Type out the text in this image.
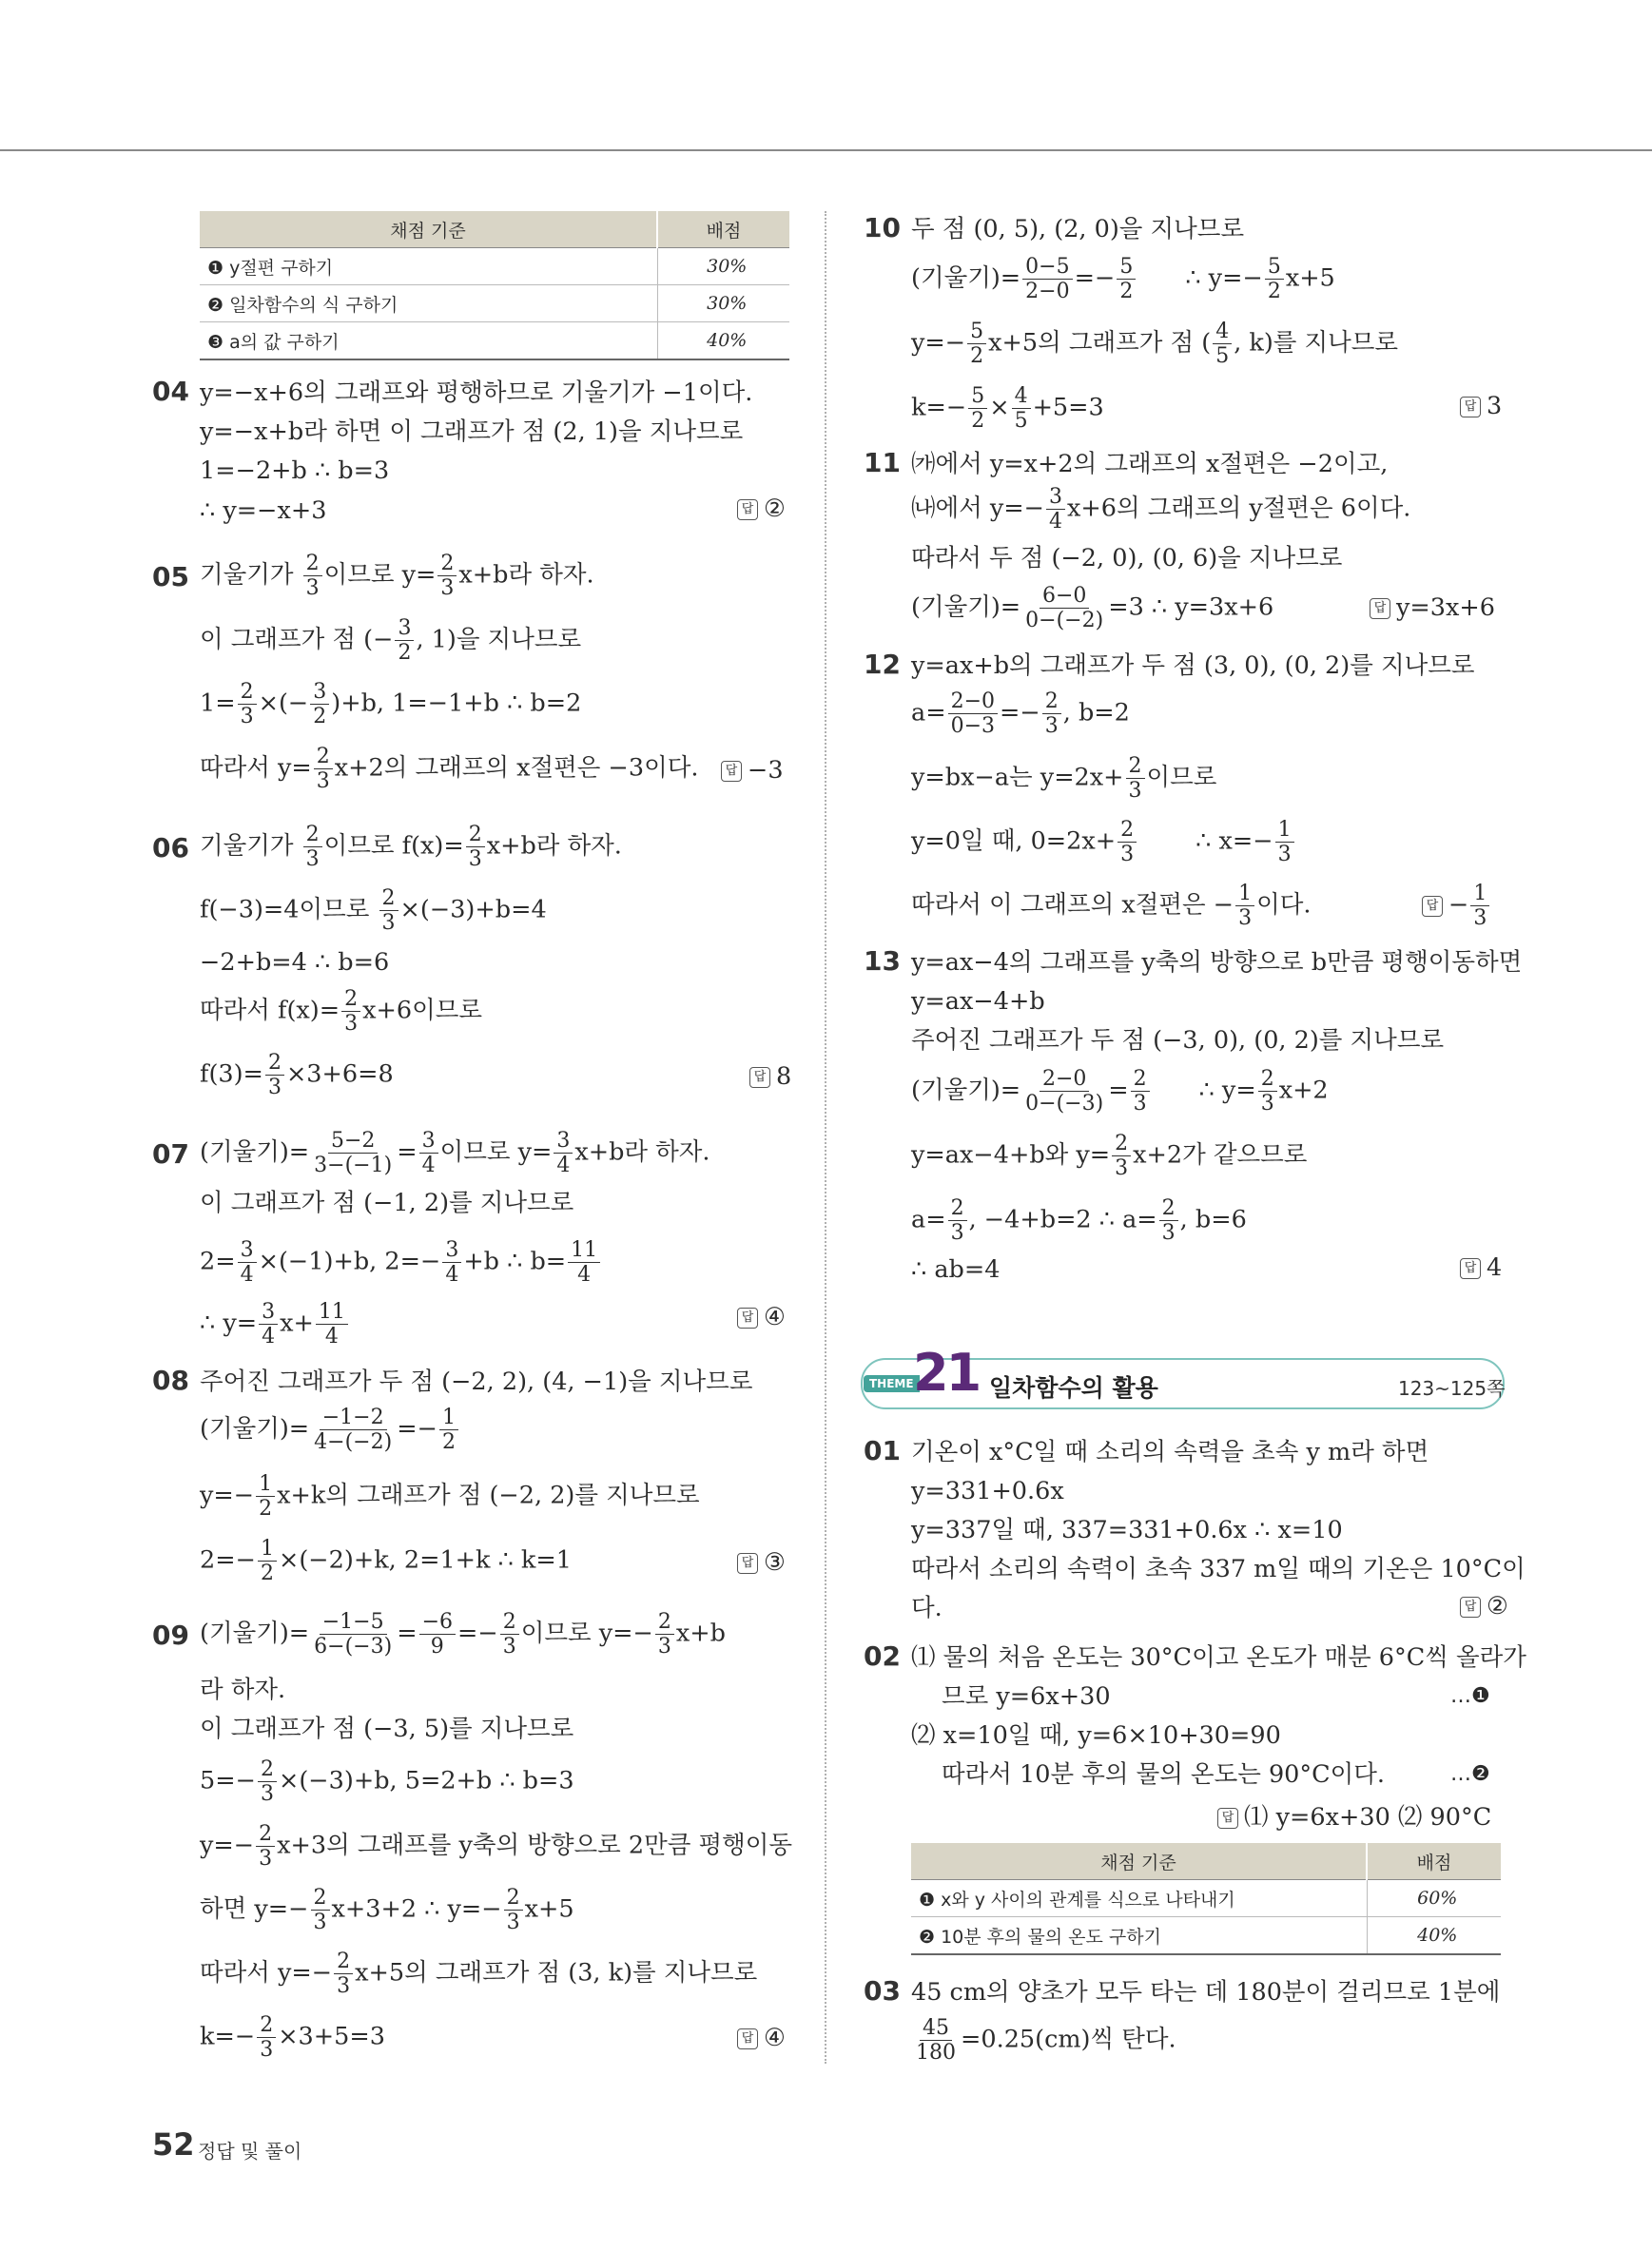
채점 기준	배점
❶ y절편 구하기	30%
❷ 일차함수의 식 구하기	30%
❸ a의 값 구하기	40%
04 y=−x+6의 그래프와 평행하므로 기울기가 −1이다.
y=−x+b라 하면 이 그래프가 점 (2, 1)을 지나므로
1=−2+b ∴ b=3
∴ y=−x+3	답 ②
05 기울기가 $\frac{2}{3}$ 이므로 $y= \frac{2}{3} x+b$라 하자.
이 그래프가 점 (− $\frac{3}{2}$ , 1)을 지나므로
$1= \frac{2}{3}$ ×(− $\frac{3}{2} )+b$, 1=−1+b ∴ b=2
따라서 $y= \frac{2}{3} x+2$의 그래프의 x절편은 −3이다.	답 −3
06 기울기가 $\frac{2}{3}$ 이므로 $f(x)= \frac{2}{3} x+b$라 하자.
f(−3)=4이므로 $\frac{2}{3} \times(-3)+b=4$
−2+b=4 ∴ b=6
따라서 $f(x)= \frac{2}{3} x+6$이므로
$f(3)= \frac{2}{3} \times 3+6=8$	답 8
07 (기울기)= $\frac{5-2}{3-(-1)} = \frac{3}{4}$ 이므로 $y= \frac{3}{4} x+b$라 하자.
이 그래프가 점 (−1, 2)를 지나므로
$2= \frac{3}{4} \times(-1)+b$, $2=- \frac{3}{4} +b$ ∴ $b= \frac{11}{4}$
∴ $y= \frac{3}{4} x+ \frac{11}{4}$	답 ④
08 주어진 그래프가 두 점 (−2, 2), (4, −1)을 지나므로
(기울기)= $\frac{-1-2}{4-(-2)} =- \frac{1}{2}$
$y=- \frac{1}{2} x+k$의 그래프가 점 (−2, 2)를 지나므로
$2=- \frac{1}{2} \times(-2)+k$, 2=1+k ∴ k=1	답 ③
09 (기울기)= $\frac{-1-5}{6-(-3)} = \frac{-6}{9} =- \frac{2}{3}$ 이므로 $y=- \frac{2}{3} x+b$
라 하자.
이 그래프가 점 (−3, 5)를 지나므로
$5=- \frac{2}{3} \times(-3)+b$, 5=2+b ∴ b=3
$y=- \frac{2}{3} x+3$의 그래프를 y축의 방향으로 2만큼 평행이동
하면 $y=- \frac{2}{3} x+3+2$ ∴ $y=- \frac{2}{3} x+5$
따라서 $y=- \frac{2}{3} x+5$의 그래프가 점 (3, k)를 지나므로
$k=- \frac{2}{3} \times 3+5=3$	답 ④
10 두 점 (0, 5), (2, 0)을 지나므로
(기울기)= $\frac{0-5}{2-0} =- \frac{5}{2}$ ∴ $y=- \frac{5}{2} x+5$
$y=- \frac{5}{2} x+5$의 그래프가 점 ( $\frac{4}{5}$ , k)를 지나므로
$k=- \frac{5}{2} \times \frac{4}{5} +5=3$	답 3
11 ㈎에서 y=x+2의 그래프의 x절편은 −2이고,
㈏에서 $y=- \frac{3}{4} x+6$의 그래프의 y절편은 6이다.
따라서 두 점 (−2, 0), (0, 6)을 지나므로
(기울기)= $\frac{6-0}{0-(-2)} =3$ ∴ y=3x+6	답 y=3x+6
12 y=ax+b의 그래프가 두 점 (3, 0), (0, 2)를 지나므로
$a= \frac{2-0}{0-3} =- \frac{2}{3}$ , b=2
y=bx−a는 $y=2x+ \frac{2}{3}$ 이므로
y=0일 때, $0=2x+ \frac{2}{3}$ ∴ $x=- \frac{1}{3}$
따라서 이 그래프의 x절편은 − $\frac{1}{3}$ 이다.	답 − $\frac{1}{3}$
13 y=ax−4의 그래프를 y축의 방향으로 b만큼 평행이동하면
y=ax−4+b
주어진 그래프가 두 점 (−3, 0), (0, 2)를 지나므로
(기울기)= $\frac{2-0}{0-(-3)} = \frac{2}{3}$ ∴ $y= \frac{2}{3} x+2$
y=ax−4+b와 $y= \frac{2}{3} x+2$가 같으므로
$a= \frac{2}{3}$ , −4+b=2 ∴ $a= \frac{2}{3}$ , b=6
∴ ab=4	답 4
THEME 21 일차함수의 활용	123~125쪽
01 기온이 x°C일 때 소리의 속력을 초속 y m라 하면
y=331+0.6x
y=337일 때, 337=331+0.6x ∴ x=10
따라서 소리의 속력이 초속 337 m일 때의 기온은 10°C이
다.	답 ②
02 ⑴ 물의 처음 온도는 30°C이고 온도가 매분 6°C씩 올라가
므로 y=6x+30	…❶
⑵ x=10일 때, y=6×10+30=90
따라서 10분 후의 물의 온도는 90°C이다.	…❷
답 ⑴ y=6x+30 ⑵ 90°C
채점 기준	배점
❶ x와 y 사이의 관계를 식으로 나타내기	60%
❷ 10분 후의 물의 온도 구하기	40%
03 45 cm의 양초가 모두 타는 데 180분이 걸리므로 1분에
$\frac{45}{180} =0.25(cm)$씩 탄다.
52 정답 및 풀이
